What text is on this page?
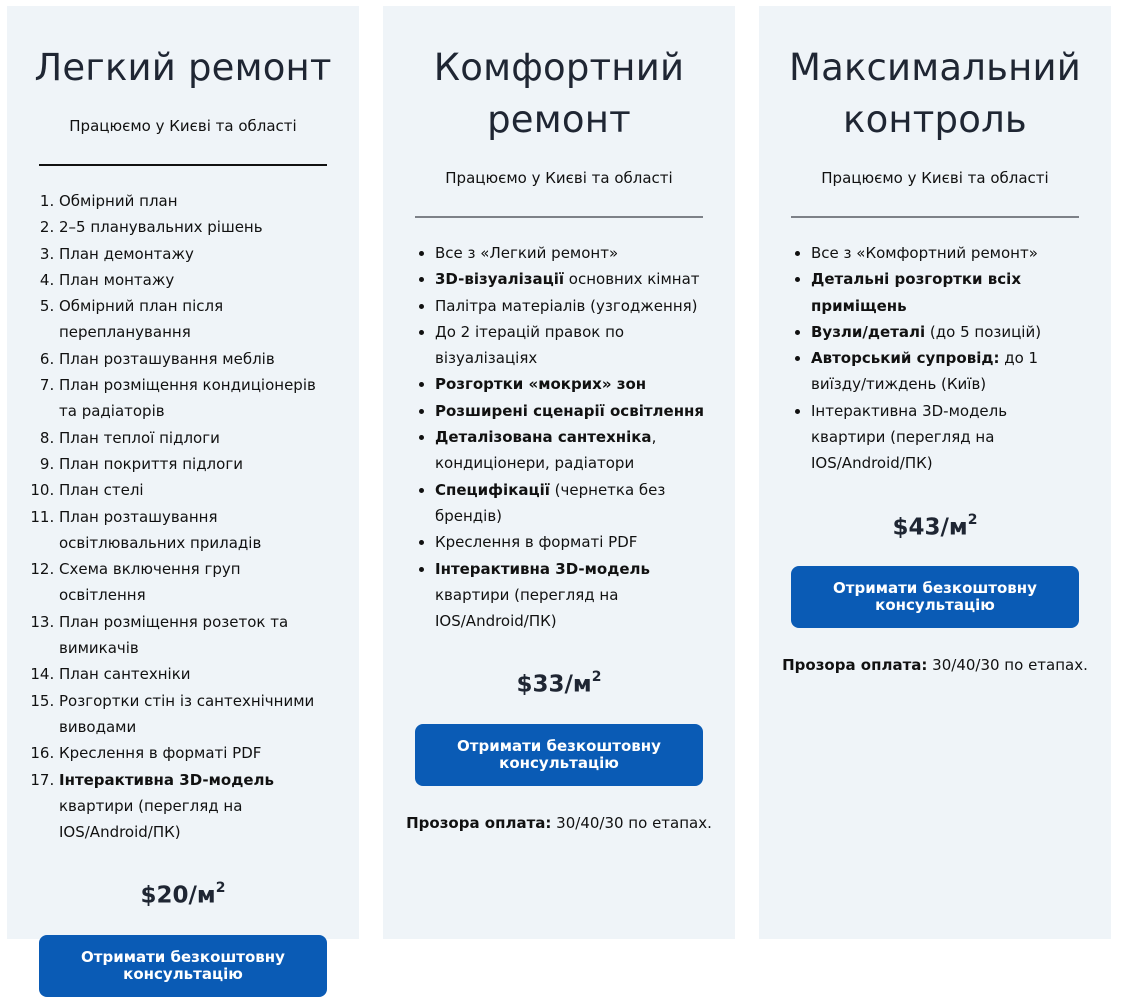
Легкий ремонт
Працюємо у Києві та області
1. Обмірний план
2. 2–5 планувальних рішень
3. План демонтажу
4. План монтажу
5. Обмірний план після перепланування
6. План розташування меблів
7. План розміщення кондиціонерів та радіаторів
8. План теплої підлоги
9. План покриття підлоги
10. План стелі
11. План розташування освітлювальних приладів
12. Схема включення груп освітлення
13. План розміщення розеток та вимикачів
14. План сантехніки
15. Розгортки стін із сантехнічними виводами
16. Креслення в форматі PDF
17. Інтерактивна 3D-модель квартири (перегляд на IOS/Android/ПК)
$\$20/м^2$
Отримати безкоштовну консультацію
Комфортний ремонт
Працюємо у Києві та області
• Все з «Легкий ремонт»
• 3D-візуалізації основних кімнат
• Палітра матеріалів (узгодження)
• До 2 ітерацій правок по візуалізаціях
• Розгортки «мокрих» зон
• Розширені сценарії освітлення
• Деталізована сантехніка, кондиціонери, радіатори
• Специфікації (чернетка без брендів)
• Креслення в форматі PDF
• Інтерактивна 3D-модель квартири (перегляд на IOS/Android/ПК)
$\$33/м^2$
Отримати безкоштовну консультацію
Прозора оплата: 30/40/30 по етапах.
Максимальний контроль
Працюємо у Києві та області
• Все з «Комфортний ремонт»
• Детальні розгортки всіх приміщень
• Вузли/деталі (до 5 позицій)
• Авторський супровід: до 1 виїзду/тиждень (Київ)
• Інтерактивна 3D-модель квартири (перегляд на IOS/Android/ПК)
$\$43/м^2$
Отримати безкоштовну консультацію
Прозора оплата: 30/40/30 по етапах.
